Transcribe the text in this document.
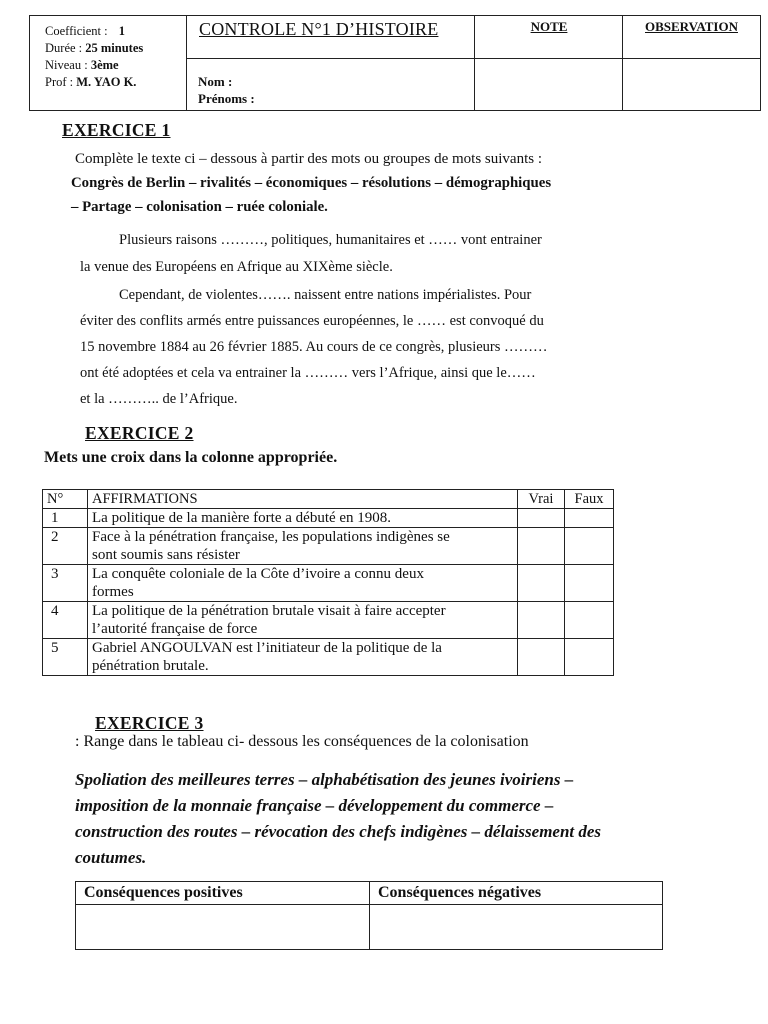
Coefficient : 1
Durée : 25 minutes
Niveau : 3ème
Prof : M. YAO K.
CONTROLE N°1 D’HISTOIRE
Nom :
Prénoms :
NOTE	OBSERVATION
EXERCICE 1
Complète le texte ci – dessous à partir des mots ou groupes de mots suivants :
Congrès de Berlin – rivalités – économiques – résolutions – démographiques
– Partage – colonisation – ruée coloniale.
Plusieurs raisons ………, politiques, humanitaires et …… vont entrainer
la venue des Européens en Afrique au XIXème siècle.
Cependant, de violentes……. naissent entre nations impérialistes. Pour
éviter des conflits armés entre puissances européennes, le …… est convoqué du
15 novembre 1884 au 26 février 1885. Au cours de ce congrès, plusieurs ………
ont été adoptées et cela va entrainer la ……… vers l’Afrique, ainsi que le……
et la ……….. de l’Afrique.
EXERCICE 2
Mets une croix dans la colonne appropriée.
N°	AFFIRMATIONS	Vrai	Faux
1	La politique de la manière forte a débuté en 1908.		
2	Face à la pénétration française, les populations indigènes se
sont soumis sans résister		

3	La conquête coloniale de la Côte d’ivoire a connu deux
formes		

4	La politique de la pénétration brutale visait à faire accepter
l’autorité française de force		

5	Gabriel ANGOULVAN est l’initiateur de la politique de la
pénétration brutale.		

EXERCICE 3
: Range dans le tableau ci- dessous les conséquences de la colonisation
Spoliation des meilleures terres – alphabétisation des jeunes ivoiriens –
imposition de la monnaie française – développement du commerce –
construction des routes – révocation des chefs indigènes – délaissement des
coutumes.
Conséquences positives	Conséquences négatives
